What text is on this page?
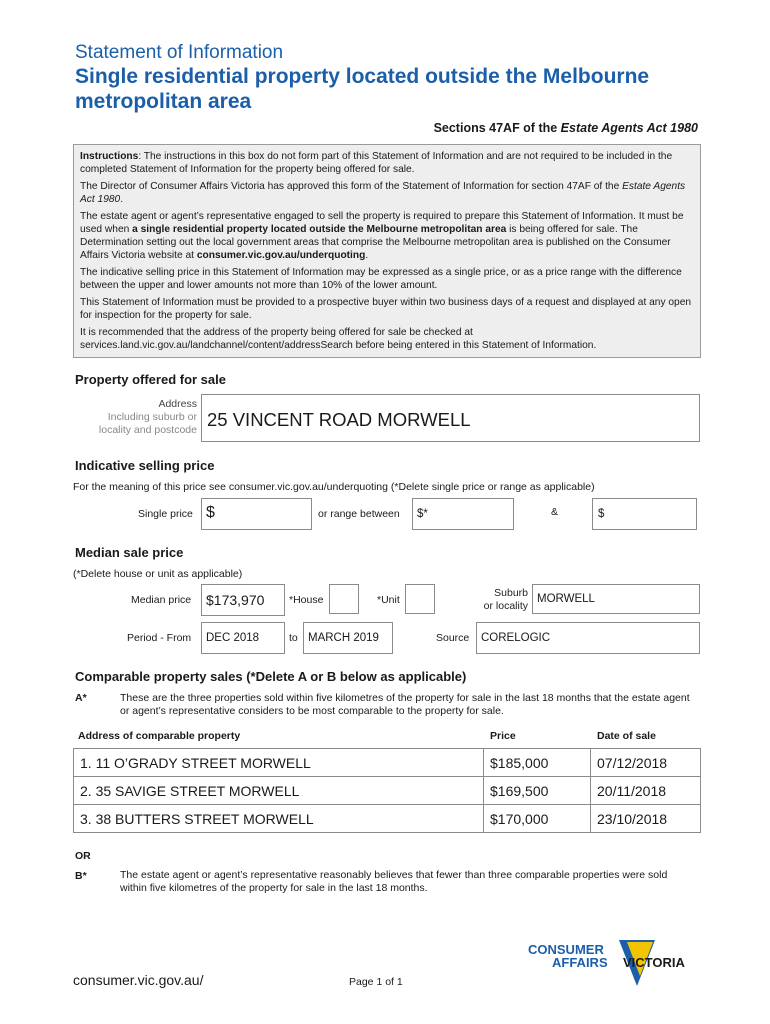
Statement of Information
Single residential property located outside the Melbourne metropolitan area
Sections 47AF of the Estate Agents Act 1980

Instructions: The instructions in this box do not form part of this Statement of Information and are not required to be included in the completed Statement of Information for the property being offered for sale.

The Director of Consumer Affairs Victoria has approved this form of the Statement of Information for section 47AF of the Estate Agents Act 1980.

The estate agent or agent’s representative engaged to sell the property is required to prepare this Statement of Information. It must be used when a single residential property located outside the Melbourne metropolitan area is being offered for sale. The Determination setting out the local government areas that comprise the Melbourne metropolitan area is published on the Consumer Affairs Victoria website at consumer.vic.gov.au/underquoting.

The indicative selling price in this Statement of Information may be expressed as a single price, or as a price range with the difference between the upper and lower amounts not more than 10% of the lower amount.

This Statement of Information must be provided to a prospective buyer within two business days of a request and displayed at any open for inspection for the property for sale.

It is recommended that the address of the property being offered for sale be checked at services.land.vic.gov.au/landchannel/content/addressSearch before being entered in this Statement of Information.

Property offered for sale
Address
Including suburb or
locality and postcode 25 VINCENT ROAD MORWELL
Indicative selling price
For the meaning of this price see consumer.vic.gov.au/underquoting (*Delete single price or range as applicable)
Single price $	or range between $*	&	$
Median sale price
(*Delete house or unit as applicable)
Median price $173,970 *House	*Unit
Suburb
or locality
MORWELL
Period - From DEC 2018	to MARCH 2019	Source CORELOGIC
Comparable property sales (*Delete A or B below as applicable)
A*	These are the three properties sold within five kilometres of the property for sale in the last 18 months that the estate agent or agent’s representative considers to be most comparable to the property for sale.
Address of comparable property	Price	Date of sale
1. 11 O’GRADY STREET MORWELL	$185,000	07/12/2018
2. 35 SAVIGE STREET MORWELL	$169,500	20/11/2018
3. 38 BUTTERS STREET MORWELL	$170,000	23/10/2018
OR
B*	The estate agent or agent’s representative reasonably believes that fewer than three comparable properties were sold within five kilometres of the property for sale in the last 18 months.
consumer.vic.gov.au/	Page 1 of 1
CONSUMER
AFFAIRS VICTORIA
